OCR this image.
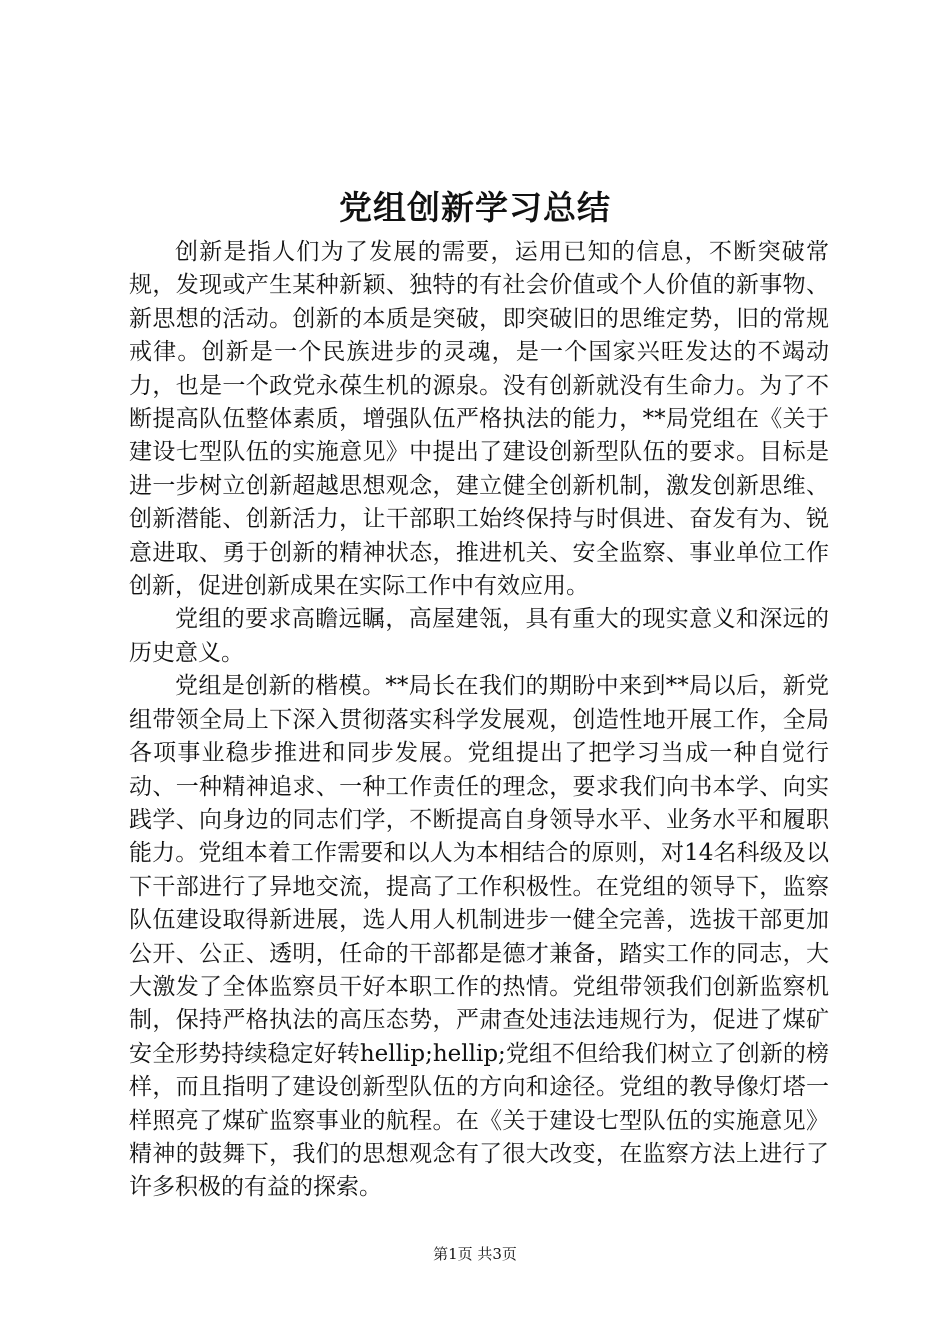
党组创新学习总结

创新是指人们为了发展的需要，运用已知的信息，不断突破常规，发现或产生某种新颖、独特的有社会价值或个人价值的新事物、新思想的活动。创新的本质是突破，即突破旧的思维定势，旧的常规戒律。创新是一个民族进步的灵魂，是一个国家兴旺发达的不竭动力，也是一个政党永葆生机的源泉。没有创新就没有生命力。为了不断提高队伍整体素质，增强队伍严格执法的能力，**局党组在《关于建设七型队伍的实施意见》中提出了建设创新型队伍的要求。目标是进一步树立创新超越思想观念，建立健全创新机制，激发创新思维、创新潜能、创新活力，让干部职工始终保持与时俱进、奋发有为、锐意进取、勇于创新的精神状态，推进机关、安全监察、事业单位工作创新，促进创新成果在实际工作中有效应用。

党组的要求高瞻远瞩，高屋建瓴，具有重大的现实意义和深远的历史意义。

党组是创新的楷模。**局长在我们的期盼中来到**局以后，新党组带领全局上下深入贯彻落实科学发展观，创造性地开展工作，全局各项事业稳步推进和同步发展。党组提出了把学习当成一种自觉行动、一种精神追求、一种工作责任的理念，要求我们向书本学、向实践学、向身边的同志们学，不断提高自身领导水平、业务水平和履职能力。党组本着工作需要和以人为本相结合的原则，对14名科级及以下干部进行了异地交流，提高了工作积极性。在党组的领导下，监察队伍建设取得新进展，选人用人机制进步一健全完善，选拔干部更加公开、公正、透明，任命的干部都是德才兼备，踏实工作的同志，大大激发了全体监察员干好本职工作的热情。党组带领我们创新监察机制，保持严格执法的高压态势，严肃查处违法违规行为，促进了煤矿安全形势持续稳定好转hellip;hellip;党组不但给我们树立了创新的榜样，而且指明了建设创新型队伍的方向和途径。党组的教导像灯塔一样照亮了煤矿监察事业的航程。在《关于建设七型队伍的实施意见》精神的鼓舞下，我们的思想观念有了很大改变，在监察方法上进行了许多积极的有益的探索。

第1页 共3页
